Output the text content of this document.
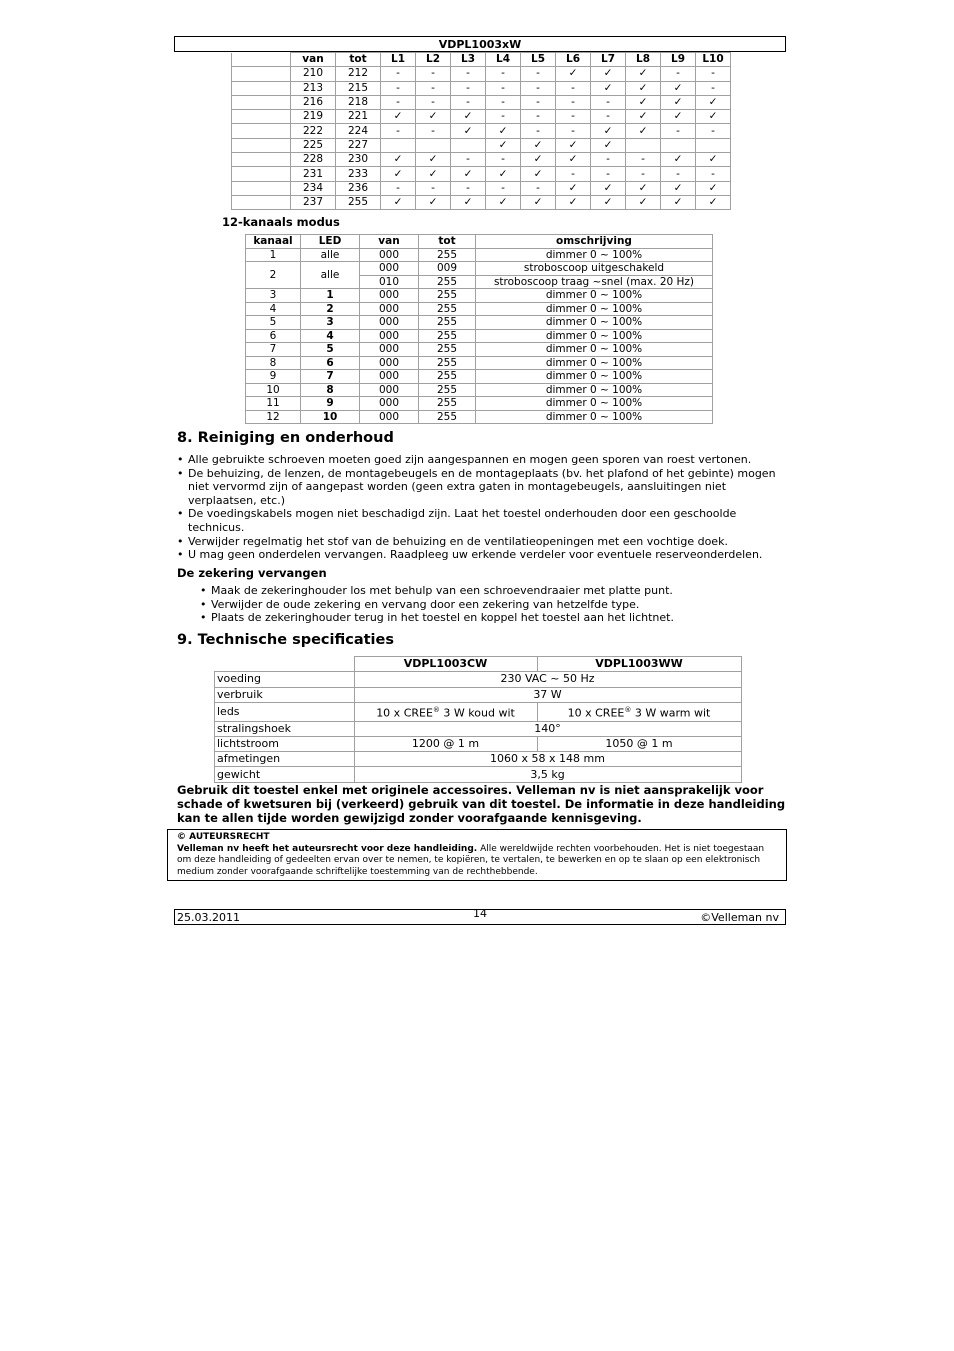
VDPL1003xW
	van	tot	L1	L2	L3	L4	L5	L6	L7	L8	L9	L10
	210	212	-	-	-	-	-	✓	✓	✓	-	-
	213	215	-	-	-	-	-	-	✓	✓	✓	-
	216	218	-	-	-	-	-	-	-	✓	✓	✓
	219	221	✓	✓	✓	-	-	-	-	✓	✓	✓
	222	224	-	-	✓	✓	-	-	✓	✓	-	-
	225	227				✓	✓	✓	✓			
	228	230	✓	✓	-	-	✓	✓	-	-	✓	✓
	231	233	✓	✓	✓	✓	✓	-	-	-	-	-
	234	236	-	-	-	-	-	✓	✓	✓	✓	✓
	237	255	✓	✓	✓	✓	✓	✓	✓	✓	✓	✓
12-kanaals modus
kanaal	LED	van	tot	omschrijving
1	alle	000	255	dimmer 0 ~ 100%
2	alle	000	009	stroboscoop uitgeschakeld
		010	255	stroboscoop traag ~snel (max. 20 Hz)
3	1	000	255	dimmer 0 ~ 100%
4	2	000	255	dimmer 0 ~ 100%
5	3	000	255	dimmer 0 ~ 100%
6	4	000	255	dimmer 0 ~ 100%
7	5	000	255	dimmer 0 ~ 100%
8	6	000	255	dimmer 0 ~ 100%
9	7	000	255	dimmer 0 ~ 100%
10	8	000	255	dimmer 0 ~ 100%
11	9	000	255	dimmer 0 ~ 100%
12	10	000	255	dimmer 0 ~ 100%
8. Reiniging en onderhoud
• Alle gebruikte schroeven moeten goed zijn aangespannen en mogen geen sporen van roest vertonen.
• De behuizing, de lenzen, de montagebeugels en de montageplaats (bv. het plafond of het gebinte) mogen niet vervormd zijn of aangepast worden (geen extra gaten in montagebeugels, aansluitingen niet verplaatsen, etc.)
• De voedingskabels mogen niet beschadigd zijn. Laat het toestel onderhouden door een geschoolde technicus.
• Verwijder regelmatig het stof van de behuizing en de ventilatieopeningen met een vochtige doek.
• U mag geen onderdelen vervangen. Raadpleeg uw erkende verdeler voor eventuele reserveonderdelen.
De zekering vervangen
• Maak de zekeringhouder los met behulp van een schroevendraaier met platte punt.
• Verwijder de oude zekering en vervang door een zekering van hetzelfde type.
• Plaats de zekeringhouder terug in het toestel en koppel het toestel aan het lichtnet.
9. Technische specificaties
	VDPL1003CW	VDPL1003WW
voeding	230 VAC ~ 50 Hz	
verbruik	37 W	
leds	10 x CREE® 3 W koud wit	10 x CREE® 3 W warm wit
stralingshoek	140°	
lichtstroom	1200 @ 1 m	1050 @ 1 m
afmetingen	1060 x 58 x 148 mm	
gewicht	3,5 kg	
Gebruik dit toestel enkel met originele accessoires. Velleman nv is niet aansprakelijk voor schade of kwetsuren bij (verkeerd) gebruik van dit toestel. De informatie in deze handleiding kan te allen tijde worden gewijzigd zonder voorafgaande kennisgeving.
© AUTEURSRECHT
Velleman nv heeft het auteursrecht voor deze handleiding. Alle wereldwijde rechten voorbehouden. Het is niet toegestaan om deze handleiding of gedeelten ervan over te nemen, te kopiëren, te vertalen, te bewerken en op te slaan op een elektronisch medium zonder voorafgaande schriftelijke toestemming van de rechthebbende.
25.03.2011	14	©Velleman nv
